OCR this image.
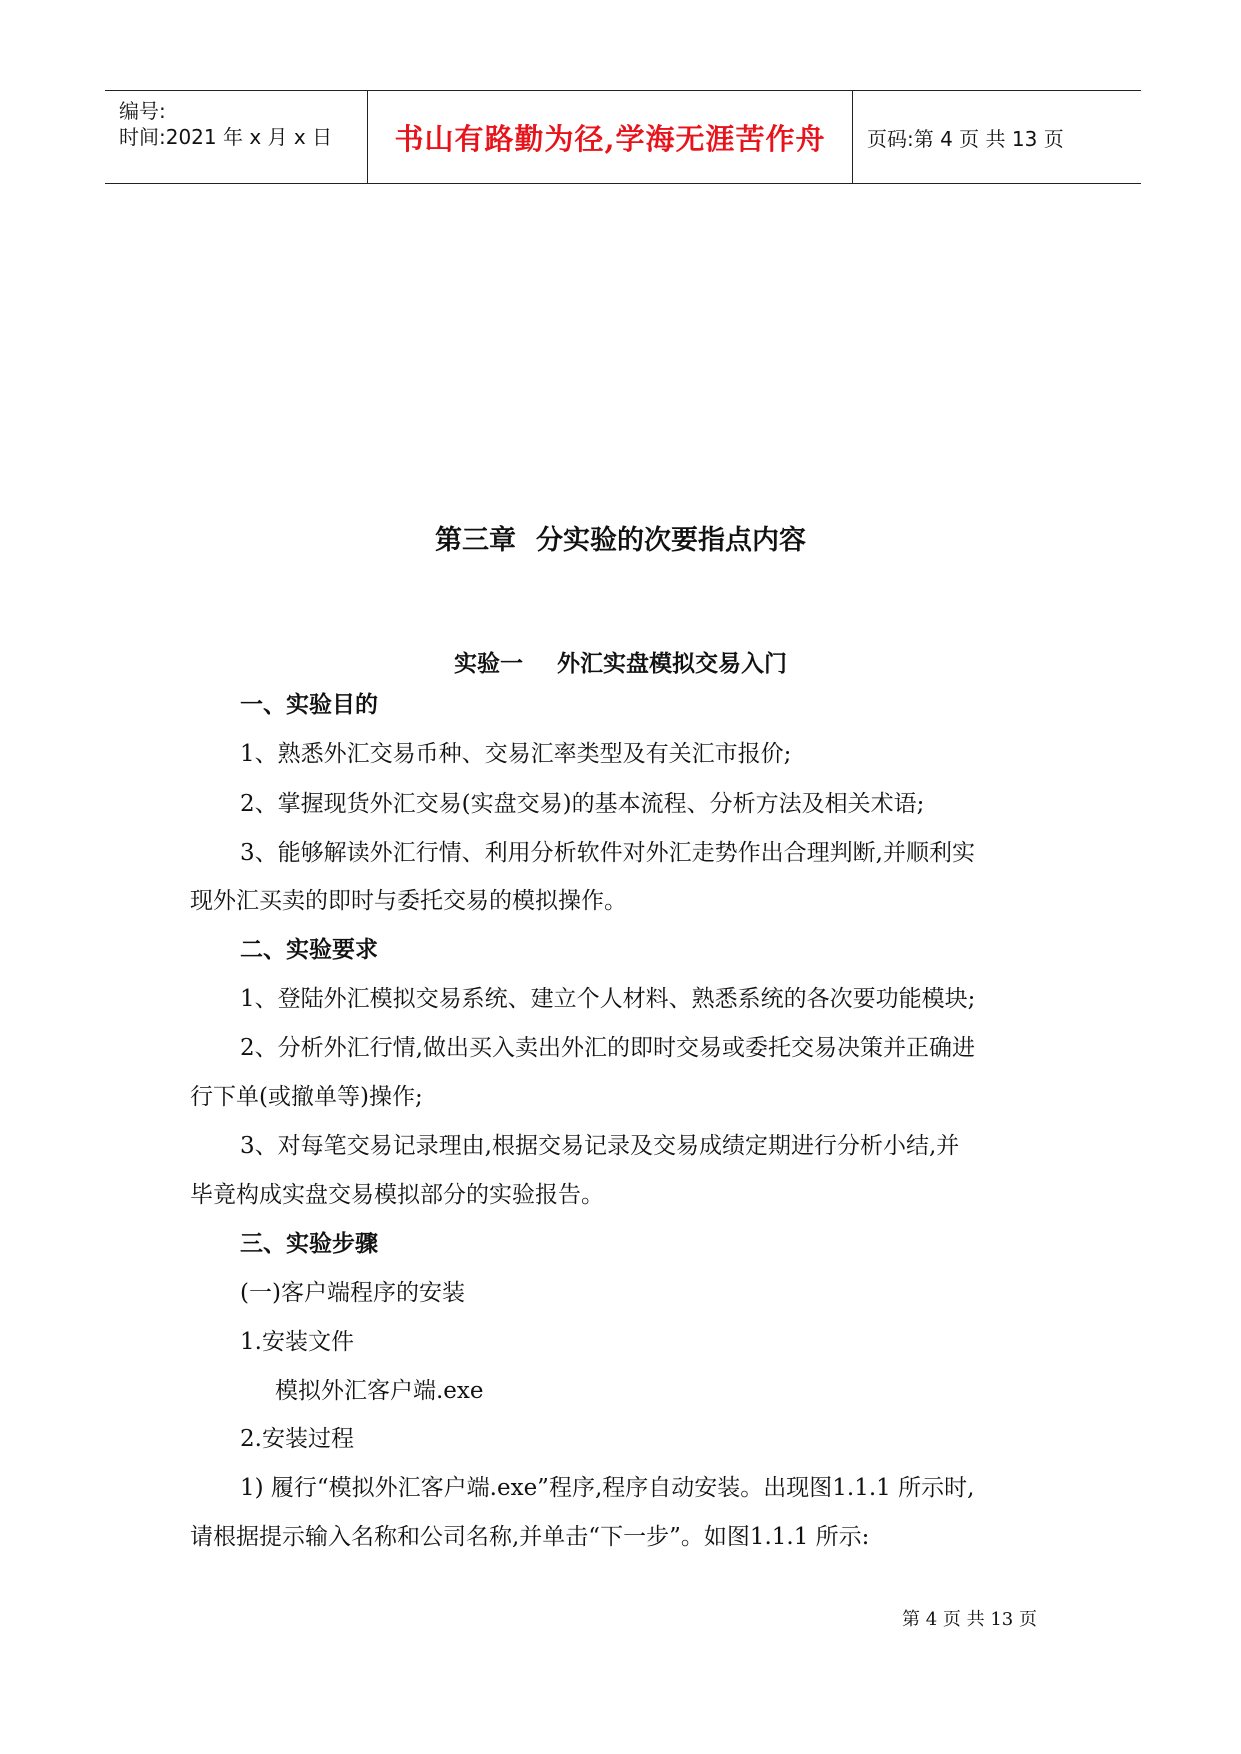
编号:
时间:2021 年 x 月 x 日 书山有路勤为径,学海无涯苦作舟	页码:第 4 页 共 13 页
第三章 分实验的次要指点内容
实验一 外汇实盘模拟交易入门
一、实验目的
1、熟悉外汇交易币种、交易汇率类型及有关汇市报价;
2、掌握现货外汇交易(实盘交易)的基本流程、分析方法及相关术语;
3、能够解读外汇行情、利用分析软件对外汇走势作出合理判断,并顺利实
现外汇买卖的即时与委托交易的模拟操作。
二、实验要求
1、登陆外汇模拟交易系统、建立个人材料、熟悉系统的各次要功能模块;
2、分析外汇行情,做出买入卖出外汇的即时交易或委托交易决策并正确进
行下单(或撤单等)操作;
3、对每笔交易记录理由,根据交易记录及交易成绩定期进行分析小结,并
毕竟构成实盘交易模拟部分的实验报告。
三、实验步骤
(一)客户端程序的安装
1.安装文件
模拟外汇客户端.exe
2.安装过程
1) 履行“模拟外汇客户端.exe”程序,程序自动安装。出现图1.1.1 所示时,
请根据提示输入名称和公司名称,并单击“下一步”。如图1.1.1 所示:
第 4 页 共 13 页
